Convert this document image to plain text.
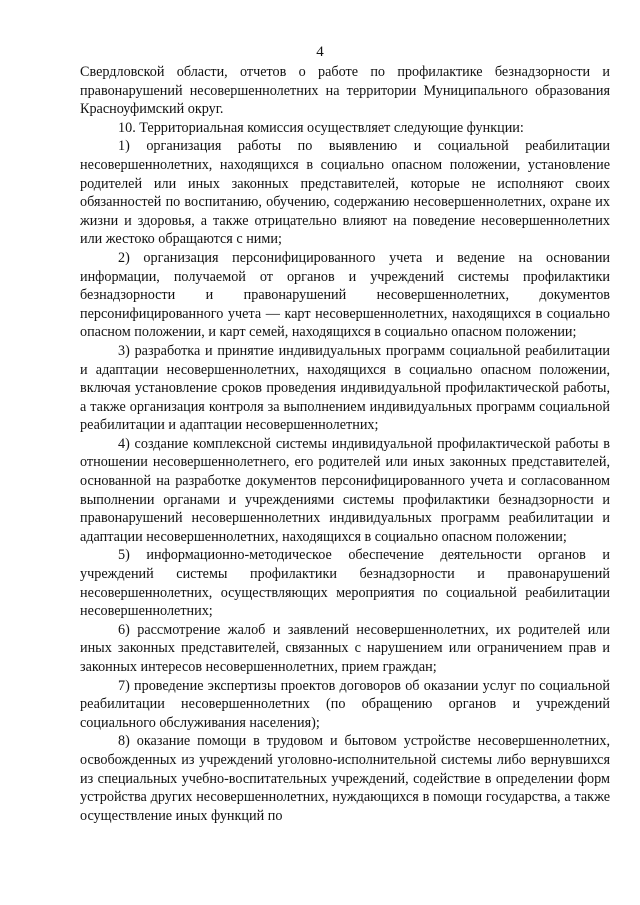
4

Свердловской области, отчетов о работе по профилактике безнадзорности и правонарушений несовершеннолетних на территории Муниципального образования Красноуфимский округ.

10. Территориальная комиссия осуществляет следующие функции:

1) организация работы по выявлению и социальной реабилитации несовершеннолетних, находящихся в социально опасном положении, установление родителей или иных законных представителей, которые не исполняют своих обязанностей по воспитанию, обучению, содержанию несовершеннолетних, охране их жизни и здоровья, а также отрицательно влияют на поведение несовершеннолетних или жестоко обращаются с ними;

2) организация персонифицированного учета и ведение на основании информации, получаемой от органов и учреждений системы профилактики безнадзорности и правонарушений несовершеннолетних, документов персонифицированного учета — карт несовершеннолетних, находящихся в социально опасном положении, и карт семей, находящихся в социально опасном положении;

3) разработка и принятие индивидуальных программ социальной реабилитации и адаптации несовершеннолетних, находящихся в социально опасном положении, включая установление сроков проведения индивидуальной профилактической работы, а также организация контроля за выполнением индивидуальных программ социальной реабилитации и адаптации несовершеннолетних;

4) создание комплексной системы индивидуальной профилактической работы в отношении несовершеннолетнего, его родителей или иных законных представителей, основанной на разработке документов персонифицированного учета и согласованном выполнении органами и учреждениями системы профилактики безнадзорности и правонарушений несовершеннолетних индивидуальных программ реабилитации и адаптации несовершеннолетних, находящихся в социально опасном положении;

5) информационно-методическое обеспечение деятельности органов и учреждений системы профилактики безнадзорности и правонарушений несовершеннолетних, осуществляющих мероприятия по социальной реабилитации несовершеннолетних;

6) рассмотрение жалоб и заявлений несовершеннолетних, их родителей или иных законных представителей, связанных с нарушением или ограничением прав и законных интересов несовершеннолетних, прием граждан;

7) проведение экспертизы проектов договоров об оказании услуг по социальной реабилитации несовершеннолетних (по обращению органов и учреждений социального обслуживания населения);

8) оказание помощи в трудовом и бытовом устройстве несовершеннолетних, освобожденных из учреждений уголовно-исполнительной системы либо вернувшихся из специальных учебно-воспитательных учреждений, содействие в определении форм устройства других несовершеннолетних, нуждающихся в помощи государства, а также осуществление иных функций по
